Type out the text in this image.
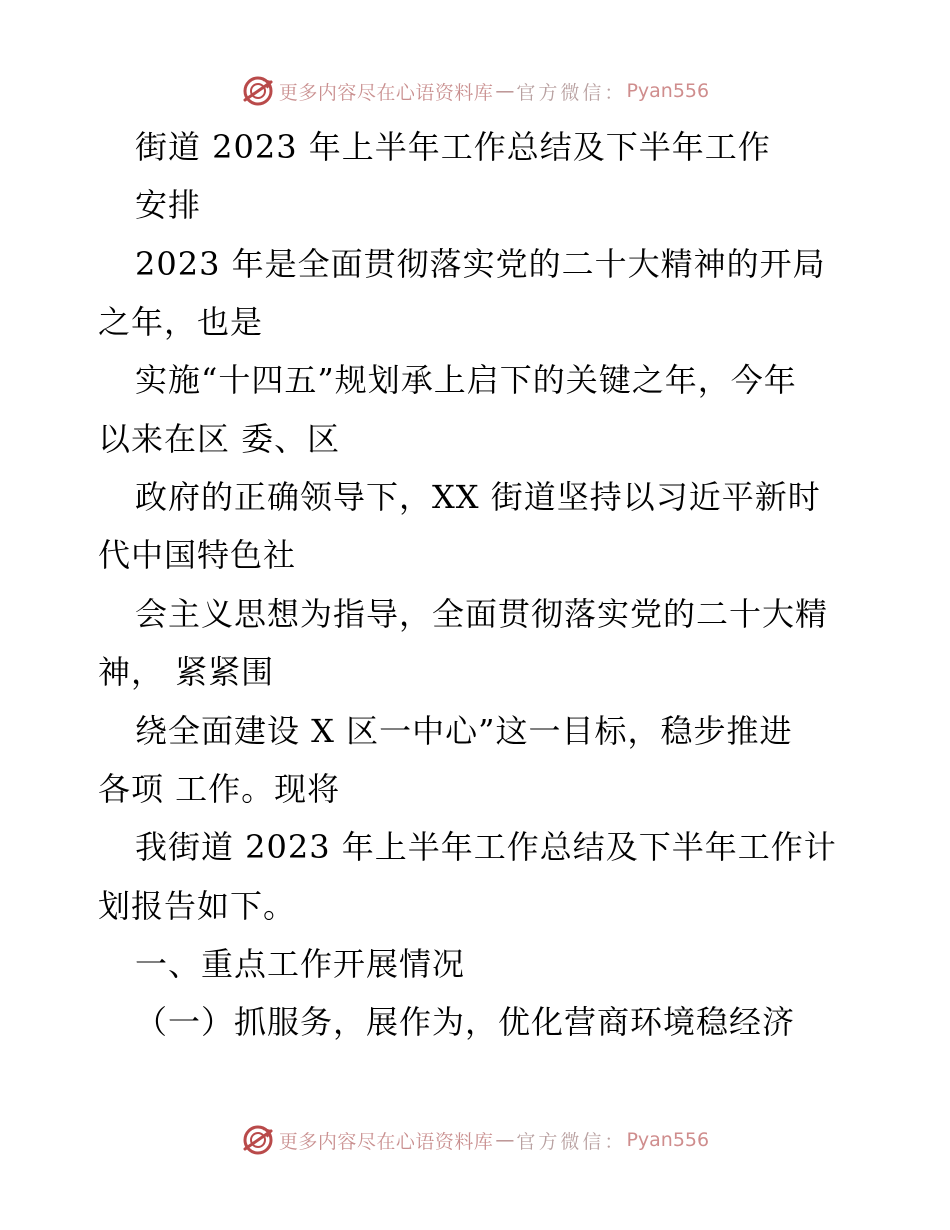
更多内容尽在心语资料库 — 官方微信： Pyan556
街道 2023 年上半年工作总结及下半年工作
安排
2023 年是全面贯彻落实党的二十大精神的开局
之年，也是
实施“十四五”规划承上启下的关键之年，今年
以来在区 委、区
政府的正确领导下，XX 街道坚持以习近平新时
代中国特色社
会主义思想为指导，全面贯彻落实党的二十大精
神， 紧紧围
绕全面建设 X 区一中心”这一目标，稳步推进
各项 工作。现将
我街道 2023 年上半年工作总结及下半年工作计
划报告如下。
一、重点工作开展情况
（一）抓服务，展作为，优化营商环境稳经济
更多内容尽在心语资料库 — 官方微信： Pyan556
